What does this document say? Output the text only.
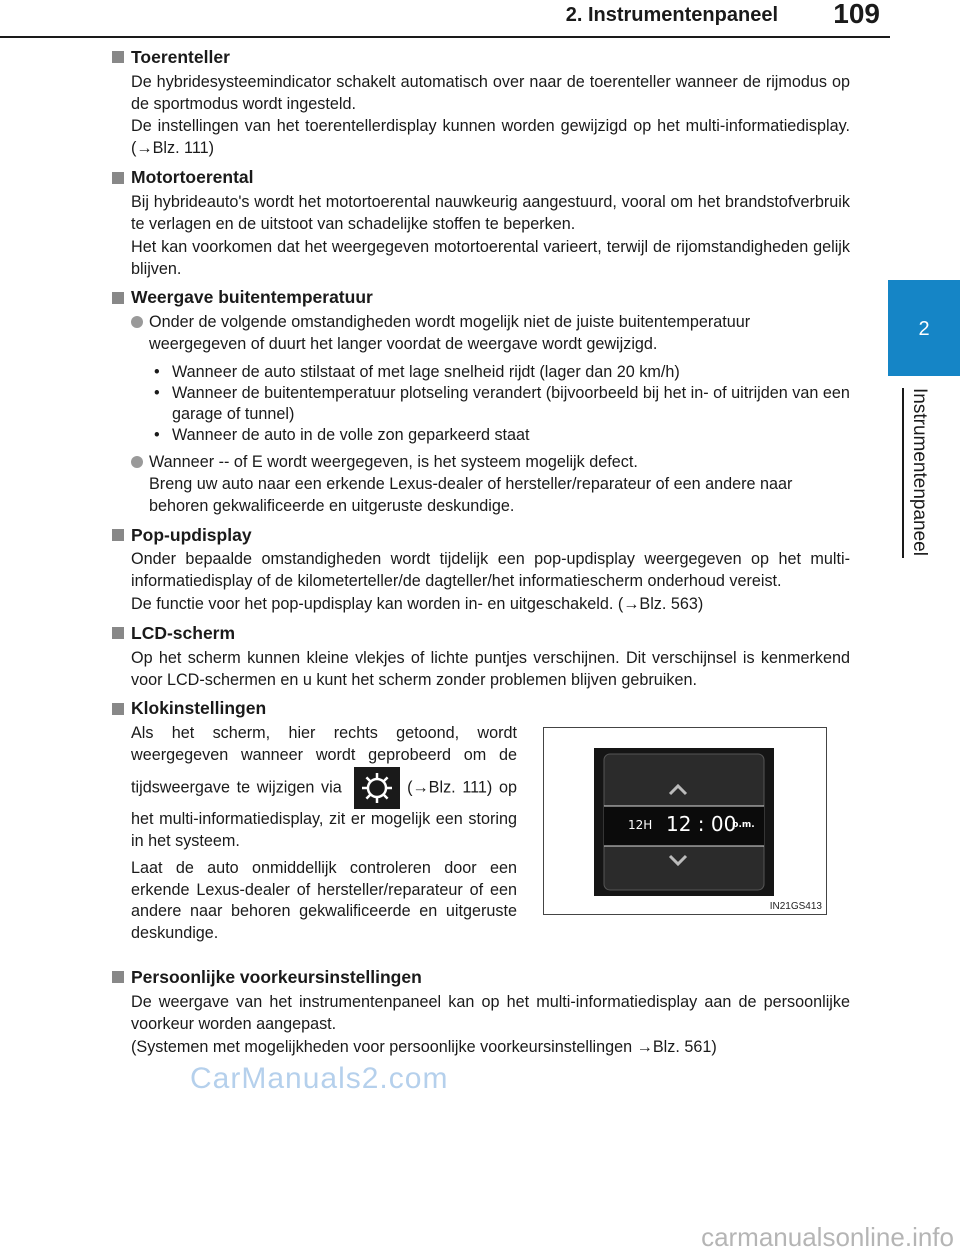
2. Instrumentenpaneel 109
2
Instrumentenpaneel
Toerenteller

De hybridesysteemindicator schakelt automatisch over naar de toerenteller wanneer de rijmodus op de sportmodus wordt ingesteld.

De instellingen van het toerentellerdisplay kunnen worden gewijzigd op het multi-informatiedisplay. (→Blz. 111)

Motortoerental

Bij hybrideauto's wordt het motortoerental nauwkeurig aangestuurd, vooral om het brandstofverbruik te verlagen en de uitstoot van schadelijke stoffen te beperken.

Het kan voorkomen dat het weergegeven motortoerental varieert, terwijl de rijomstandigheden gelijk blijven.

Weergave buitentemperatuur
Onder de volgende omstandigheden wordt mogelijk niet de juiste buitentemperatuur weergegeven of duurt het langer voordat de weergave wordt gewijzigd.
• Wanneer de auto stilstaat of met lage snelheid rijdt (lager dan 20 km/h)
• Wanneer de buitentemperatuur plotseling verandert (bijvoorbeeld bij het in- of uitrijden van een garage of tunnel)
• Wanneer de auto in de volle zon geparkeerd staat
Wanneer -- of E wordt weergegeven, is het systeem mogelijk defect.
Breng uw auto naar een erkende Lexus-dealer of hersteller/reparateur of een andere naar behoren gekwalificeerde en uitgeruste deskundige.
Pop-updisplay

Onder bepaalde omstandigheden wordt tijdelijk een pop-updisplay weergegeven op het multi-informatiedisplay of de kilometerteller/de dagteller/het informatiescherm onderhoud vereist.

De functie voor het pop-updisplay kan worden in- en uitgeschakeld. (→Blz. 563)

LCD-scherm

Op het scherm kunnen kleine vlekjes of lichte puntjes verschijnen. Dit verschijnsel is kenmerkend voor LCD-schermen en u kunt het scherm zonder problemen blijven gebruiken.

Klokinstellingen

Als het scherm, hier rechts getoond, wordt weergegeven wanneer wordt geprobeerd om de tijdsweergave te wijzigen via	(→Blz. 111) op het multi-informatiedisplay, zit er mogelijk een storing in het systeem.

Laat de auto onmiddellijk controleren door een erkende Lexus-dealer of hersteller/reparateur of een andere naar behoren gekwalificeerde en uitgeruste deskundige.

12H 12 : 00
p.m.
IN21GS413
Persoonlijke voorkeursinstellingen

De weergave van het instrumentenpaneel kan op het multi-informatiedisplay aan de persoonlijke voorkeur worden aangepast.

(Systemen met mogelijkheden voor persoonlijke voorkeursinstellingen →Blz. 561)

CarManuals2.com
carmanualsonline.info
